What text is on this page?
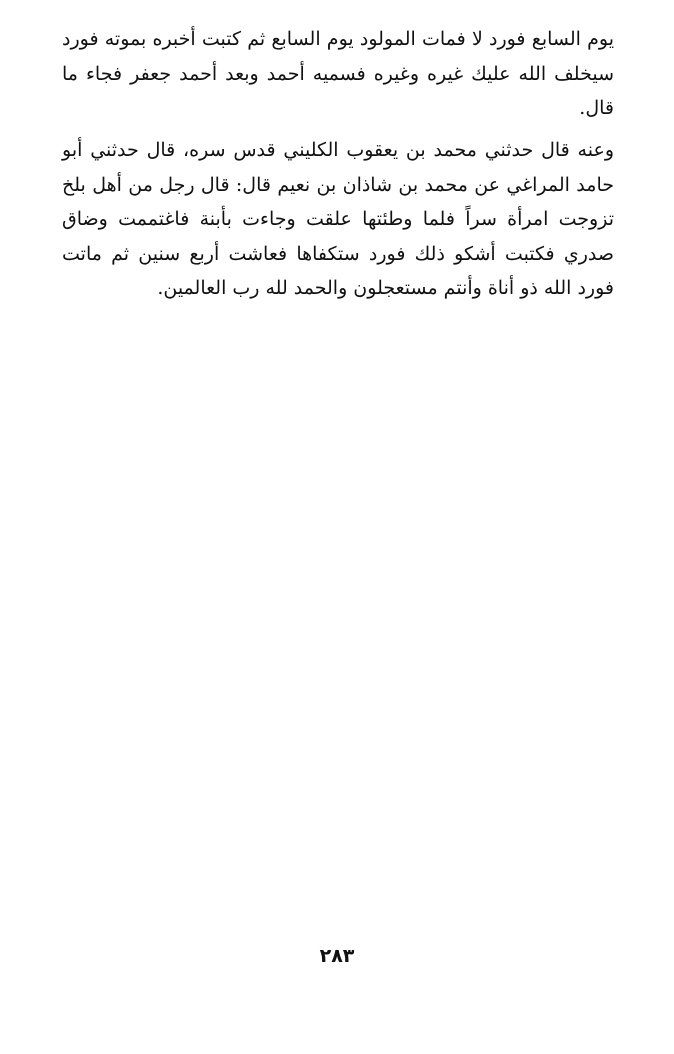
يوم السابع فورد لا فمات المولود يوم السابع ثم كتبت أخبره بموته فورد سيخلف الله عليك غيره وغيره فسميه أحمد وبعد أحمد جعفر فجاء ما قال.

وعنه قال حدثني محمد بن يعقوب الكليني قدس سره، قال حدثني أبو حامد المراغي عن محمد بن شاذان بن نعيم قال: قال رجل من أهل بلخ تزوجت امرأة سراً فلما وطئتها علقت وجاءت بأبنة فاغتممت وضاق صدري فكتبت أشكو ذلك فورد ستكفاها فعاشت أربع سنين ثم ماتت فورد الله ذو أناة وأنتم مستعجلون والحمد لله رب العالمين.

٢٨٣
